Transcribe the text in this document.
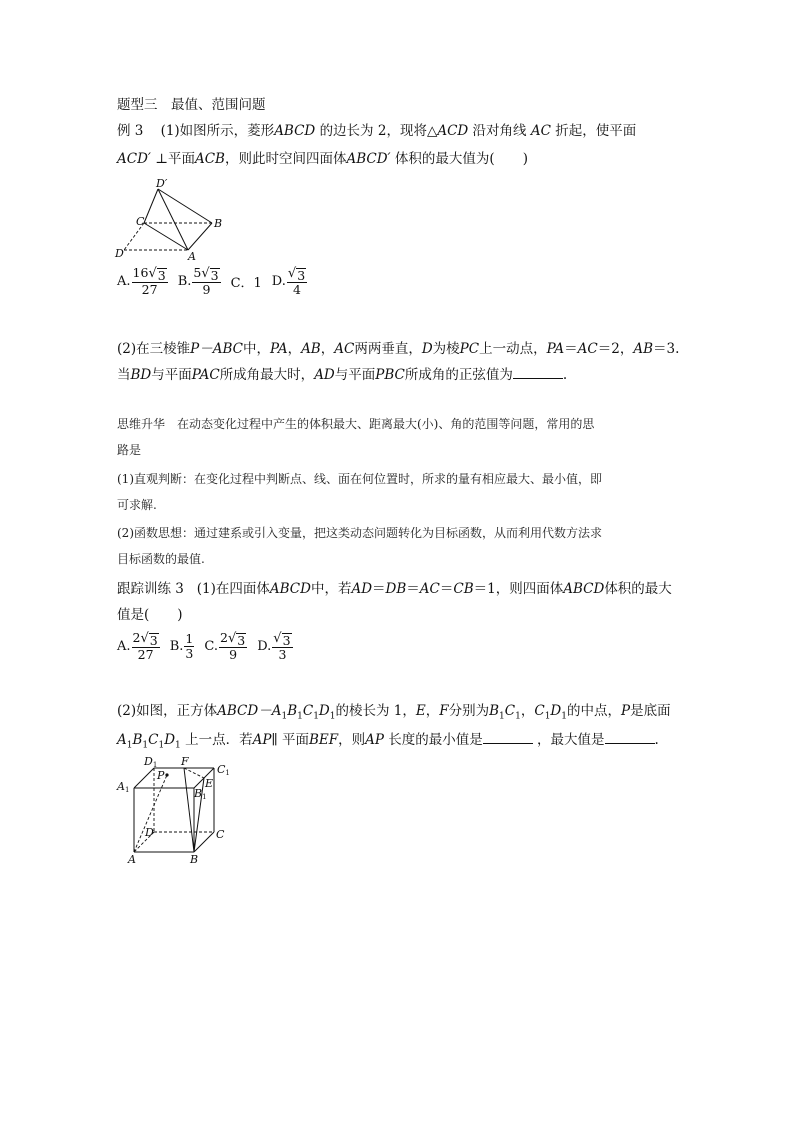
题型三　最值、范围问题
例 3 (1)如图所示，菱形ABCD 的边长为 2，现将△ACD 沿对角线 AC 折起，使平面
ACD′ ⊥平面ACB，则此时空间四面体ABCD′ 体积的最大值为( )
D′
C	B
D	A
A. $\frac{16 √ 3}{27} B$. $\frac{5 √ 3}{9}$ C．1 D. $\frac{√ 3}{4}$
(2)在三棱锥P－ABC中，PA，AB，AC两两垂直，D为棱PC上一动点，PA＝AC＝2，AB＝3.
当BD与平面PAC所成角最大时，AD与平面PBC所成角的正弦值为	.
思维升华　在动态变化过程中产生的体积最大、距离最大(小)、角的范围等问题，常用的思
路是
(1)直观判断：在变化过程中判断点、线、面在何位置时，所求的量有相应最大、最小值，即
可求解.
(2)函数思想：通过建系或引入变量，把这类动态问题转化为目标函数，从而利用代数方法求
目标函数的最值.
跟踪训练 3 (1)在四面体ABCD中，若AD＝DB＝AC＝CB＝1，则四面体ABCD体积的最大
值是( )
A. $\frac{2 √ 3}{27} B$. $\frac{1}{3} C$. $\frac{2 √ 3}{9} D$. $\frac{√ 3}{3}$
(2)如图，正方体$ABCD-A_1B_1C_1D_1$的棱长为 1，E，F分别为$B_1C_1$，$C_1D_1$的中点，P是底面
$A_1B_1C_1D_1$ 上一点．若AP∥ 平面BEF，则AP 长度的最小值是	，最大值是	.
D1 F
C1
A1
P
B1
E
D	C
A	B
